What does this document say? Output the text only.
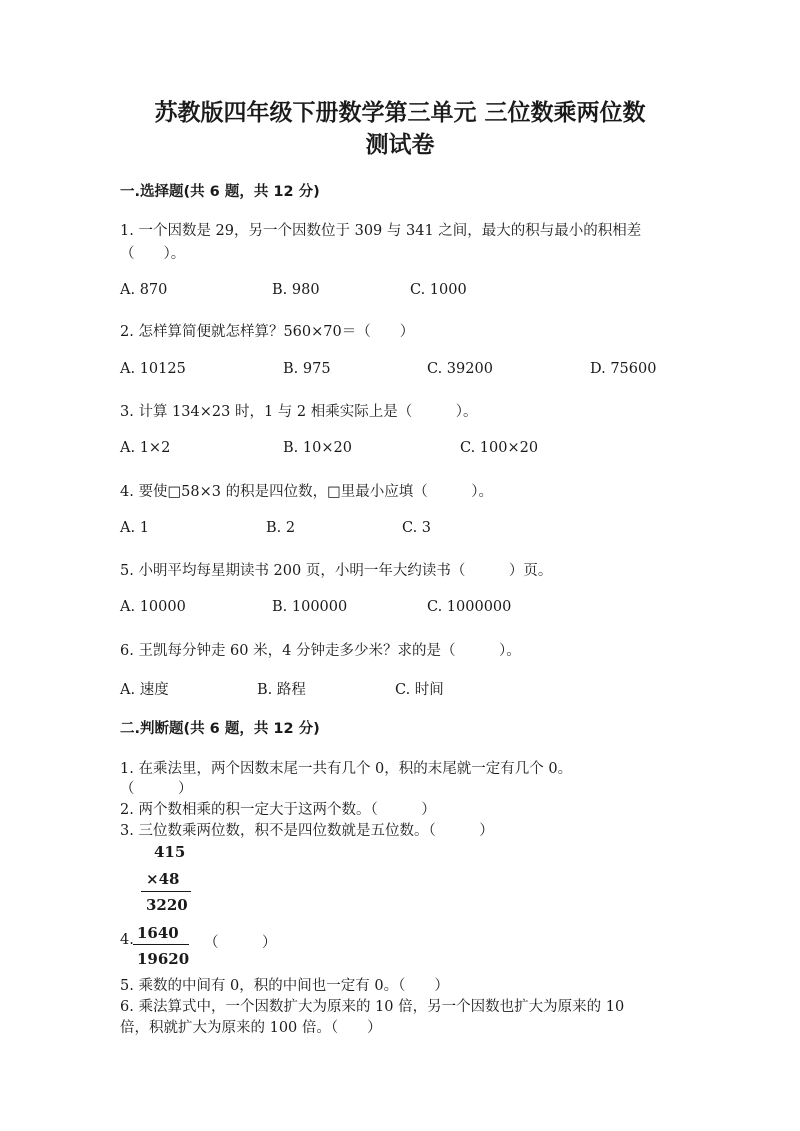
苏教版四年级下册数学第三单元 三位数乘两位数
测试卷
一.选择题(共 6 题，共 12 分)
1. 一个因数是 29，另一个因数位于 309 与 341 之间，最大的积与最小的积相差
（　　）。
A. 870	B. 980	C. 1000
2. 怎样算简便就怎样算？560×70＝（　　）
A. 10125	B. 975	C. 39200	D. 75600
3. 计算 134×23 时，1 与 2 相乘实际上是（　　　）。
A. 1×2	B. 10×20	C. 100×20
4. 要使□58×3 的积是四位数，□里最小应填（　　　）。
A. 1	B. 2	C. 3
5. 小明平均每星期读书 200 页，小明一年大约读书（　　　）页。
A. 10000	B. 100000	C. 1000000
6. 王凯每分钟走 60 米，4 分钟走多少米？求的是（　　　）。
A. 速度	B. 路程	C. 时间
二.判断题(共 6 题，共 12 分)
1. 在乘法里，两个因数末尾一共有几个 0，积的末尾就一定有几个 0。
（　　　）
2. 两个数相乘的积一定大于这两个数。（　　　）
3. 三位数乘两位数，积不是四位数就是五位数。（　　　）
415
×48
3220
4. 1640
（　　　）
19620
5. 乘数的中间有 0，积的中间也一定有 0。（　　）
6. 乘法算式中，一个因数扩大为原来的 10 倍，另一个因数也扩大为原来的 10
倍，积就扩大为原来的 100 倍。（　　）
